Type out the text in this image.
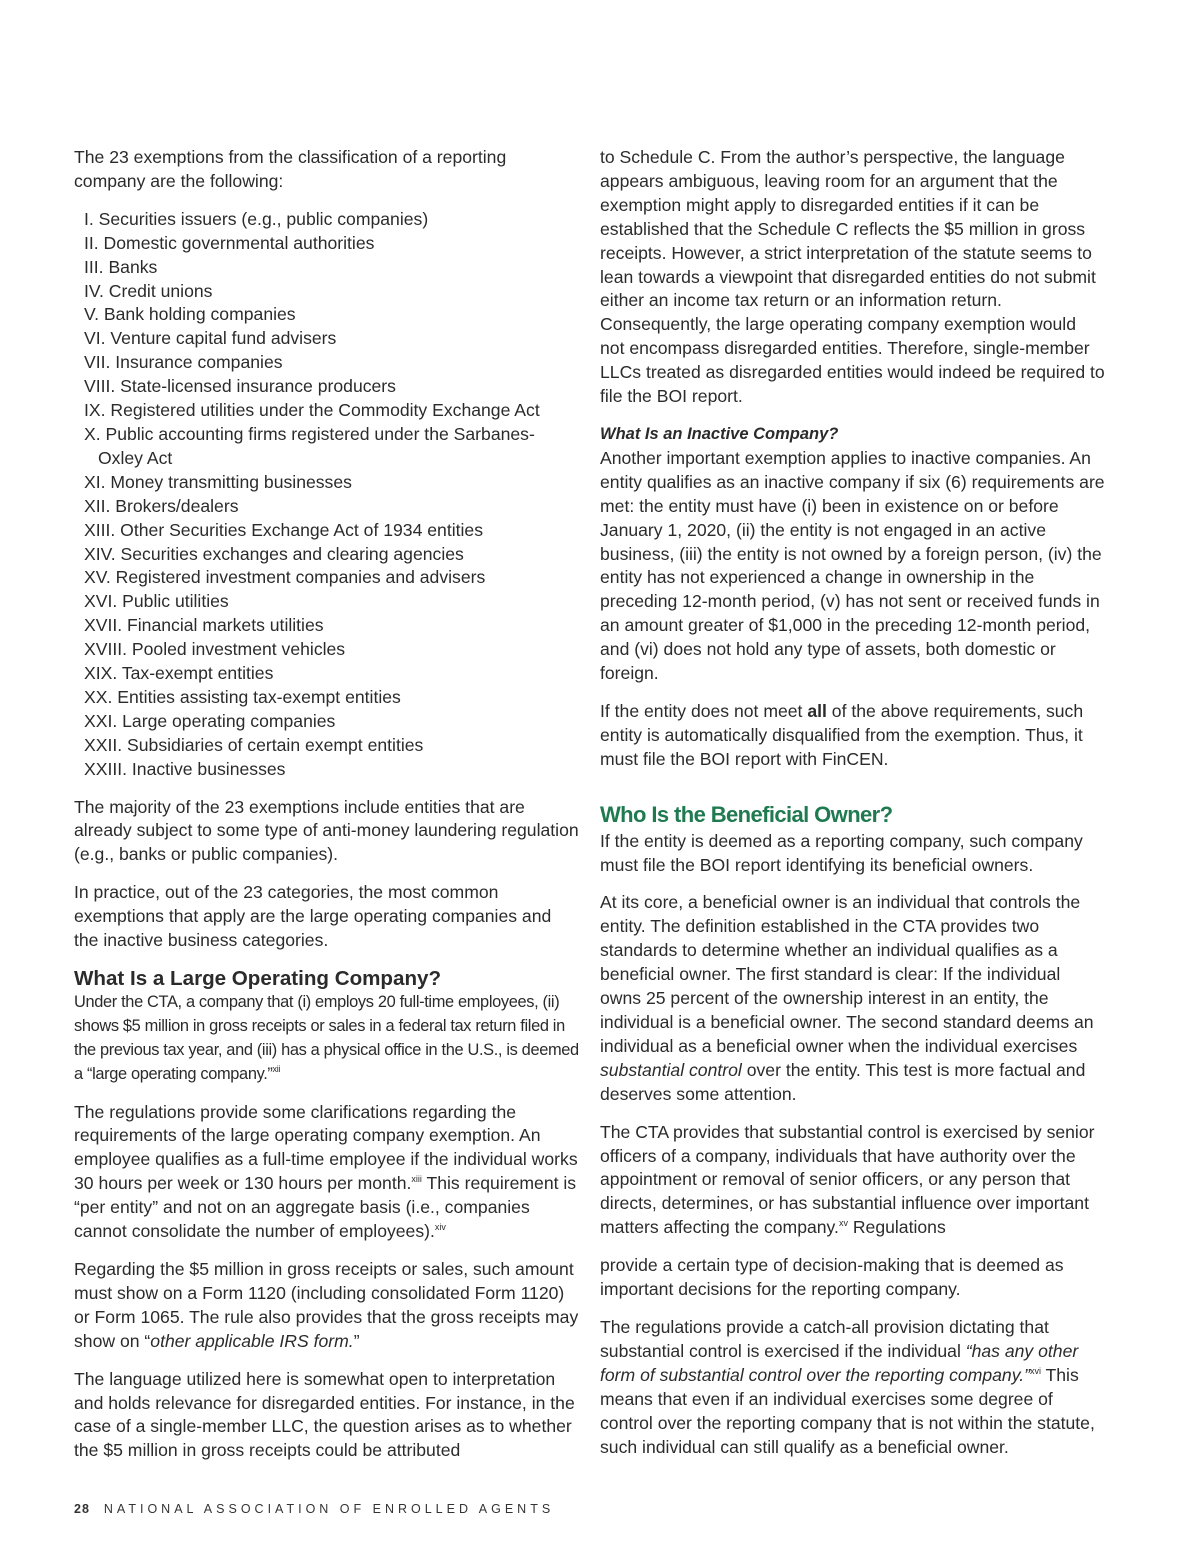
The 23 exemptions from the classification of a reporting company are the following:

I. Securities issuers (e.g., public companies)
II. Domestic governmental authorities
III. Banks
IV. Credit unions
V. Bank holding companies
VI. Venture capital fund advisers
VII. Insurance companies
VIII. State-licensed insurance producers
IX. Registered utilities under the Commodity Exchange Act
X. Public accounting firms registered under the Sarbanes-Oxley Act
XI. Money transmitting businesses
XII. Brokers/dealers
XIII. Other Securities Exchange Act of 1934 entities
XIV. Securities exchanges and clearing agencies
XV. Registered investment companies and advisers
XVI. Public utilities
XVII. Financial markets utilities
XVIII. Pooled investment vehicles
XIX. Tax-exempt entities
XX. Entities assisting tax-exempt entities
XXI. Large operating companies
XXII. Subsidiaries of certain exempt entities
XXIII. Inactive businesses

The majority of the 23 exemptions include entities that are already subject to some type of anti-money laundering regulation (e.g., banks or public companies).

In practice, out of the 23 categories, the most common exemptions that apply are the large operating companies and the inactive business categories.

What Is a Large Operating Company?

Under the CTA, a company that (i) employs 20 full-time employees, (ii) shows $5 million in gross receipts or sales in a federal tax return filed in the previous tax year, and (iii) has a physical office in the U.S., is deemed a “large operating company.”$^{xii}$

The regulations provide some clarifications regarding the requirements of the large operating company exemption. An employee qualifies as a full-time employee if the individual works 30 hours per week or 130 hours per month.$^{xiii}$ This requirement is “per entity” and not on an aggregate basis (i.e., companies cannot consolidate the number of employees).$^{xiv}$

Regarding the $5 million in gross receipts or sales, such amount must show on a Form 1120 (including consolidated Form 1120) or Form 1065. The rule also provides that the gross receipts may show on “other applicable IRS form.”

The language utilized here is somewhat open to interpretation and holds relevance for disregarded entities. For instance, in the case of a single-member LLC, the question arises as to whether the $5 million in gross receipts could be attributed

to Schedule C. From the author’s perspective, the language appears ambiguous, leaving room for an argument that the exemption might apply to disregarded entities if it can be established that the Schedule C reflects the $5 million in gross receipts. However, a strict interpretation of the statute seems to lean towards a viewpoint that disregarded entities do not submit either an income tax return or an information return. Consequently, the large operating company exemption would not encompass disregarded entities. Therefore, single-member LLCs treated as disregarded entities would indeed be required to file the BOI report.

What Is an Inactive Company?

Another important exemption applies to inactive companies. An entity qualifies as an inactive company if six (6) requirements are met: the entity must have (i) been in existence on or before January 1, 2020, (ii) the entity is not engaged in an active business, (iii) the entity is not owned by a foreign person, (iv) the entity has not experienced a change in ownership in the preceding 12-month period, (v) has not sent or received funds in an amount greater of $1,000 in the preceding 12-month period, and (vi) does not hold any type of assets, both domestic or foreign.

If the entity does not meet all of the above requirements, such entity is automatically disqualified from the exemption. Thus, it must file the BOI report with FinCEN.

Who Is the Beneficial Owner?

If the entity is deemed as a reporting company, such company must file the BOI report identifying its beneficial owners.

At its core, a beneficial owner is an individual that controls the entity. The definition established in the CTA provides two standards to determine whether an individual qualifies as a beneficial owner. The first standard is clear: If the individual owns 25 percent of the ownership interest in an entity, the individual is a beneficial owner. The second standard deems an individual as a beneficial owner when the individual exercises substantial control over the entity. This test is more factual and deserves some attention.

The CTA provides that substantial control is exercised by senior officers of a company, individuals that have authority over the appointment or removal of senior officers, or any person that directs, determines, or has substantial influence over important matters affecting the company.$^{xv}$ Regulations

provide a certain type of decision-making that is deemed as important decisions for the reporting company.

The regulations provide a catch-all provision dictating that substantial control is exercised if the individual “has any other form of substantial control over the reporting company.”$^{xvi}$ This means that even if an individual exercises some degree of control over the reporting company that is not within the statute, such individual can still qualify as a beneficial owner.

28 NATIONAL ASSOCIATION OF ENROLLED AGENTS
